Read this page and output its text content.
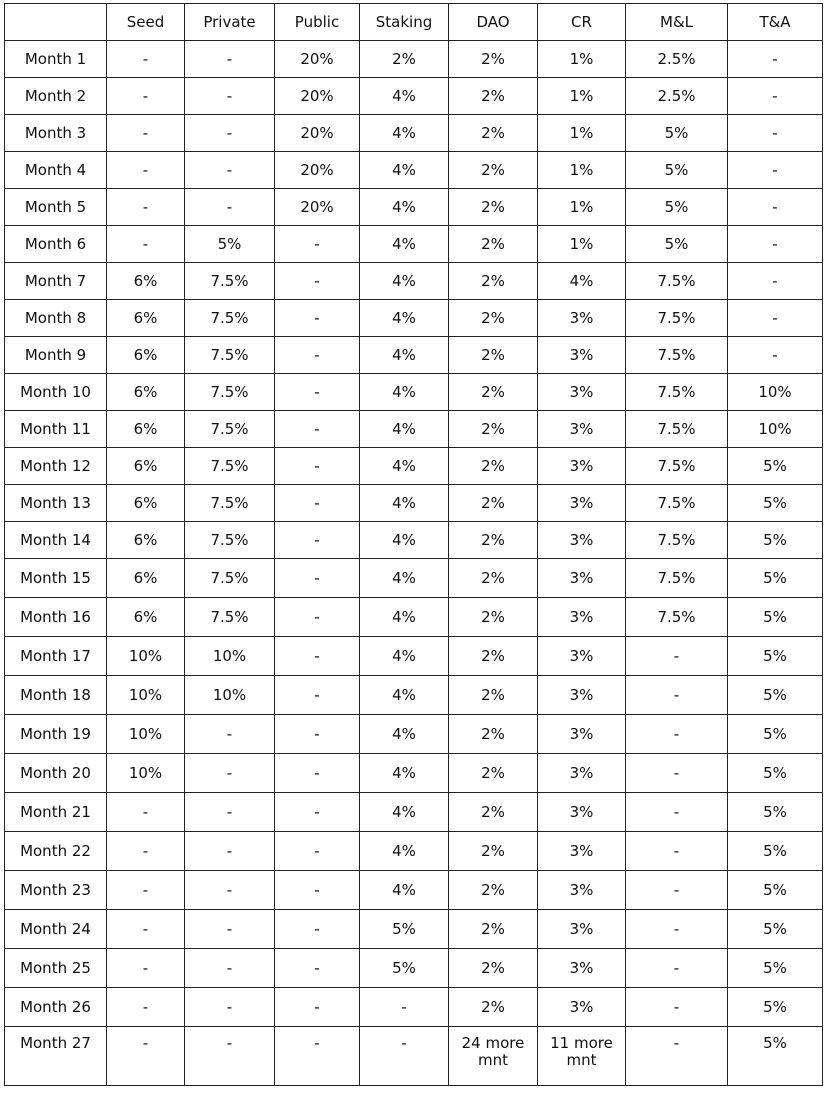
	Seed	Private	Public	Staking	DAO	CR	M&L	T&A
Month 1	-	-	20%	2%	2%	1%	2.5%	-
Month 2	-	-	20%	4%	2%	1%	2.5%	-
Month 3	-	-	20%	4%	2%	1%	5%	-
Month 4	-	-	20%	4%	2%	1%	5%	-
Month 5	-	-	20%	4%	2%	1%	5%	-
Month 6	-	5%	-	4%	2%	1%	5%	-
Month 7	6%	7.5%	-	4%	2%	4%	7.5%	-
Month 8	6%	7.5%	-	4%	2%	3%	7.5%	-
Month 9	6%	7.5%	-	4%	2%	3%	7.5%	-
Month 10	6%	7.5%	-	4%	2%	3%	7.5%	10%
Month 11	6%	7.5%	-	4%	2%	3%	7.5%	10%
Month 12	6%	7.5%	-	4%	2%	3%	7.5%	5%
Month 13	6%	7.5%	-	4%	2%	3%	7.5%	5%
Month 14	6%	7.5%	-	4%	2%	3%	7.5%	5%
Month 15	6%	7.5%	-	4%	2%	3%	7.5%	5%
Month 16	6%	7.5%	-	4%	2%	3%	7.5%	5%
Month 17	10%	10%	-	4%	2%	3%	-	5%
Month 18	10%	10%	-	4%	2%	3%	-	5%
Month 19	10%	-	-	4%	2%	3%	-	5%
Month 20	10%	-	-	4%	2%	3%	-	5%
Month 21	-	-	-	4%	2%	3%	-	5%
Month 22	-	-	-	4%	2%	3%	-	5%
Month 23	-	-	-	4%	2%	3%	-	5%
Month 24	-	-	-	5%	2%	3%	-	5%
Month 25	-	-	-	5%	2%	3%	-	5%
Month 26	-	-	-	-	2%	3%	-	5%
Month 27	-	-	-	-	24 more mnt	11 more mnt	-	5%
